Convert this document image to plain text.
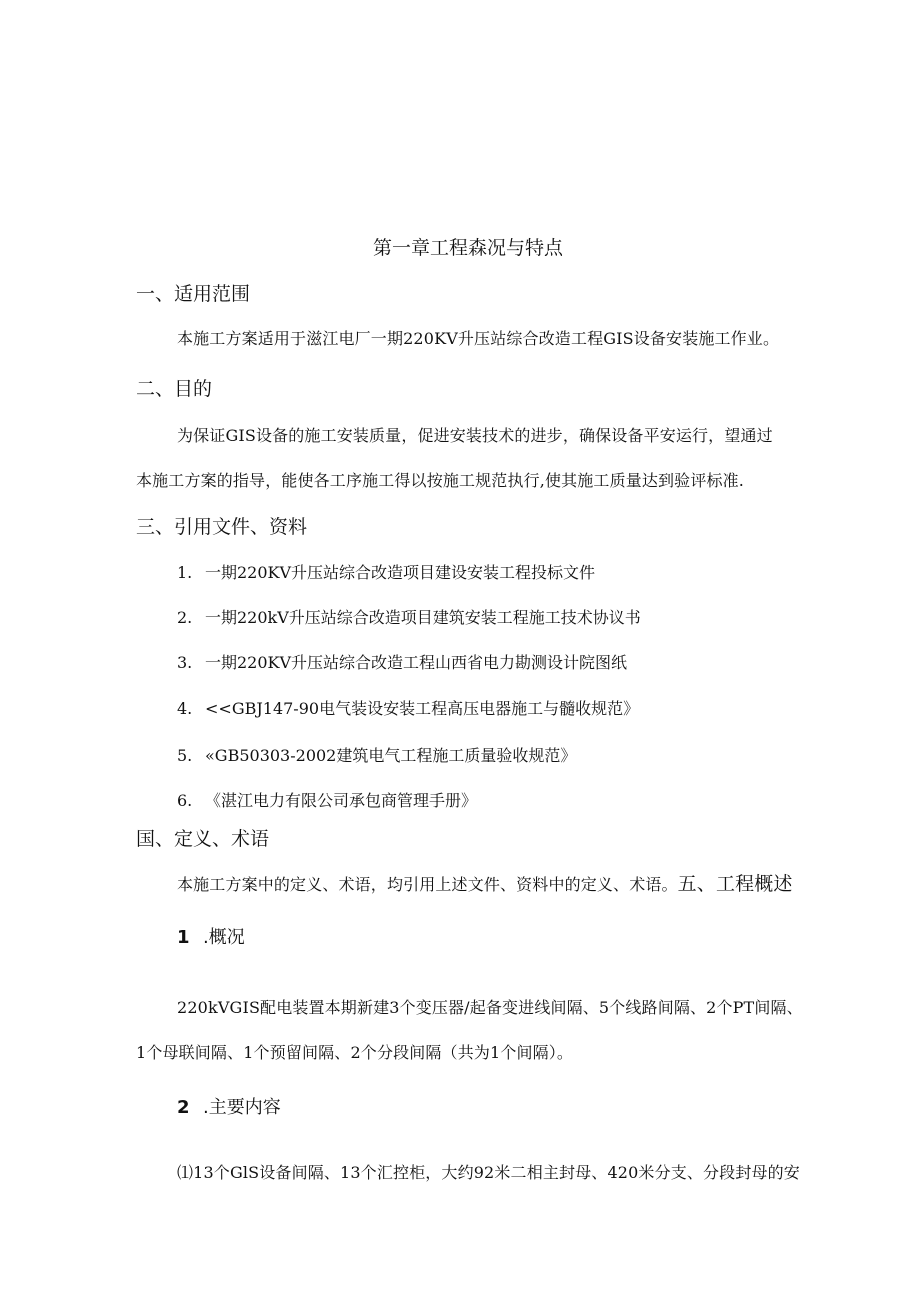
第一章工程森况与特点
一、适用范围
本施工方案适用于滋江电厂一期220KV升压站综合改造工程GIS设备安装施工作业。
二、目的
为保证GIS设备的施工安装质量，促进安装技术的进步，确保设备平安运行，望通过
本施工方案的指导，能使各工序施工得以按施工规范执行,使其施工质量达到验评标准.
三、引用文件、资料
1. 一期220KV升压站综合改造项目建设安装工程投标文件
2. 一期220kV升压站综合改造项目建筑安装工程施工技术协议书
3. 一期220KV升压站综合改造工程山西省电力勘测设计院图纸
4. <<GBJ147-90电气装设安装工程高压电器施工与髓收规范》
5. «GB50303-2002建筑电气工程施工质量验收规范》
6. 《湛江电力有限公司承包商管理手册》
国、定义、术语
本施工方案中的定义、术语，均引用上述文件、资料中的定义、术语。五、工程概述
1 .概况
220kVGIS配电装置本期新建3个变压器/起备变进线间隔、5个线路间隔、2个PT间隔、
1个母联间隔、1个预留间隔、2个分段间隔（共为1个间隔）。
2 .主要内容
⑴13个GlS设备间隔、13个汇控柜，大约92米二相主封母、420米分支、分段封母的安
